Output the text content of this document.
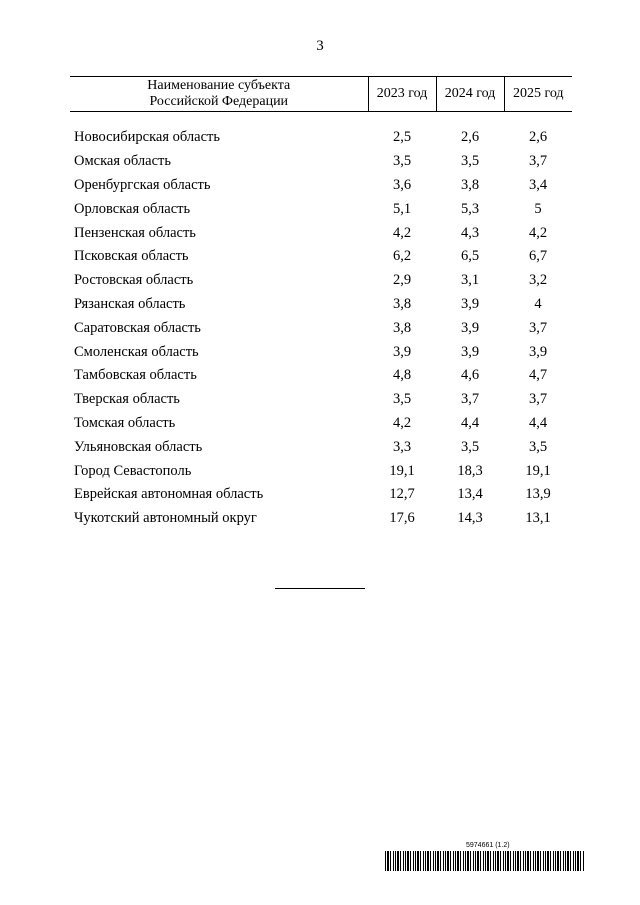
3
Наименование субъекта
Российской Федерации	2023 год	2024 год	2025 год

Новосибирская область	2,5	2,6	2,6
Омская область	3,5	3,5	3,7
Оренбургская область	3,6	3,8	3,4
Орловская область	5,1	5,3	5
Пензенская область	4,2	4,3	4,2
Псковская область	6,2	6,5	6,7
Ростовская область	2,9	3,1	3,2
Рязанская область	3,8	3,9	4
Саратовская область	3,8	3,9	3,7
Смоленская область	3,9	3,9	3,9
Тамбовская область	4,8	4,6	4,7
Тверская область	3,5	3,7	3,7
Томская область	4,2	4,4	4,4
Ульяновская область	3,3	3,5	3,5
Город Севастополь	19,1	18,3	19,1
Еврейская автономная область	12,7	13,4	13,9
Чукотский автономный округ	17,6	14,3	13,1
5974661 (1.2)
